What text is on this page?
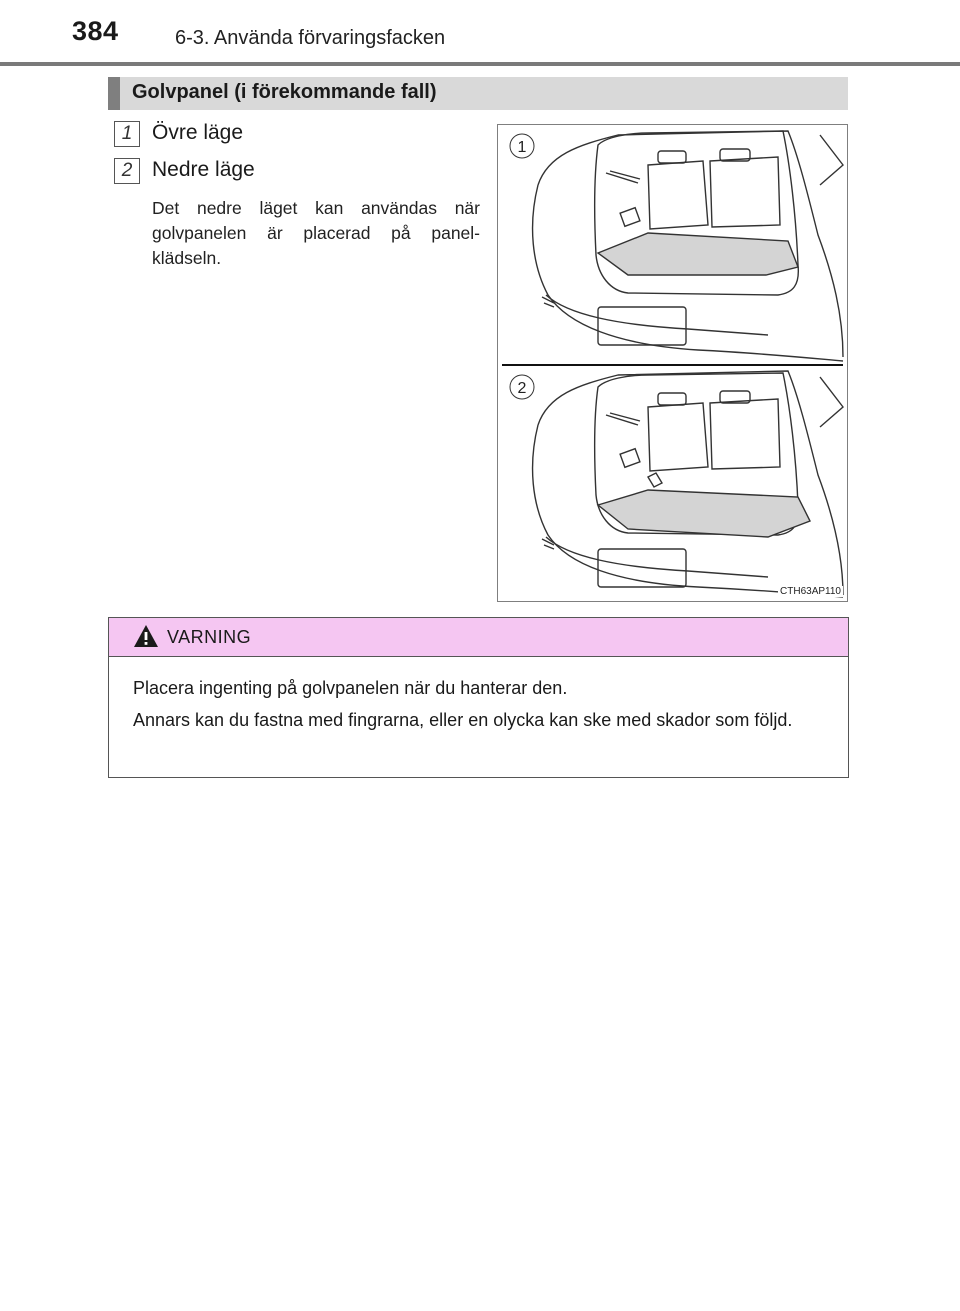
384	6-3. Använda förvaringsfacken
Golvpanel (i förekommande fall)
1 Övre läge
2 Nedre läge
Det nedre läget kan användas när golvpanelen är placerad på panel-klädseln.
1
2
CTH63AP110
VARNING
Placera ingenting på golvpanelen när du hanterar den.
Annars kan du fastna med fingrarna, eller en olycka kan ske med skador som följd.
